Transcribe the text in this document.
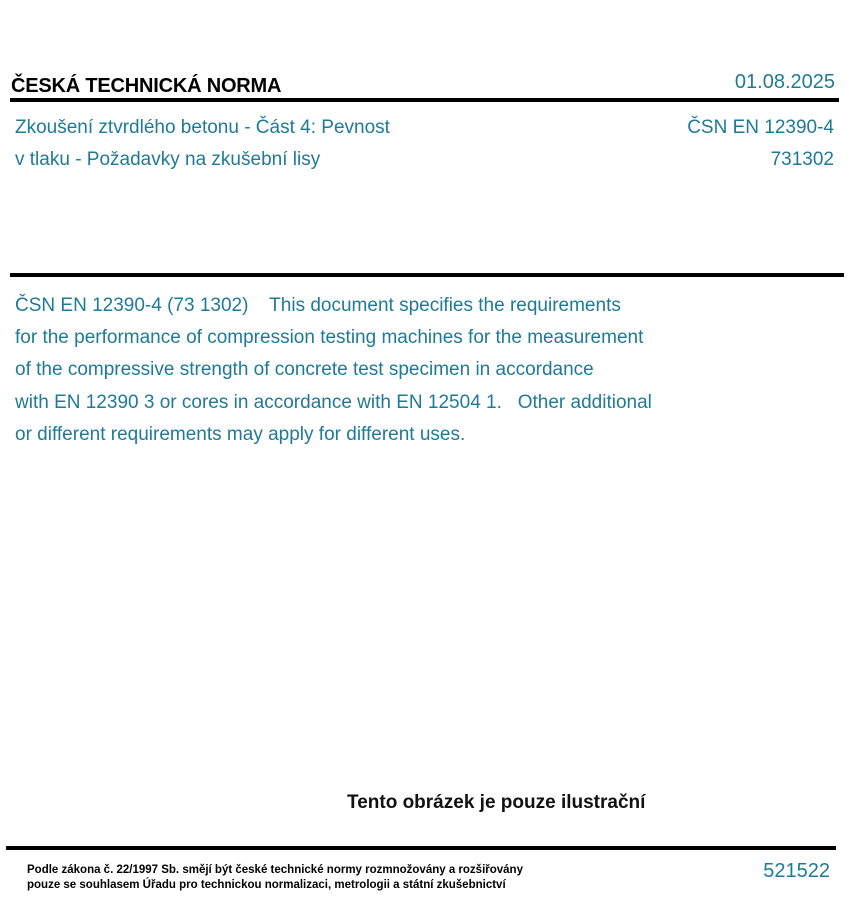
ČESKÁ TECHNICKÁ NORMA	01.08.2025
Zkoušení ztvrdlého betonu - Část 4: Pevnost
v tlaku - Požadavky na zkušební lisy
ČSN EN 12390-4
731302
ČSN EN 12390-4 (73 1302)    This document specifies the requirements
for the performance of compression testing machines for the measurement
of the compressive strength of concrete test specimen in accordance
with EN 12390 3 or cores in accordance with EN 12504 1.   Other additional
or different requirements may apply for different uses.
Tento obrázek je pouze ilustrační
Podle zákona č. 22/1997 Sb. smějí být české technické normy rozmnožovány a rozšiřovány
pouze se souhlasem Úřadu pro technickou normalizaci, metrologii a státní zkušebnictví
521522
